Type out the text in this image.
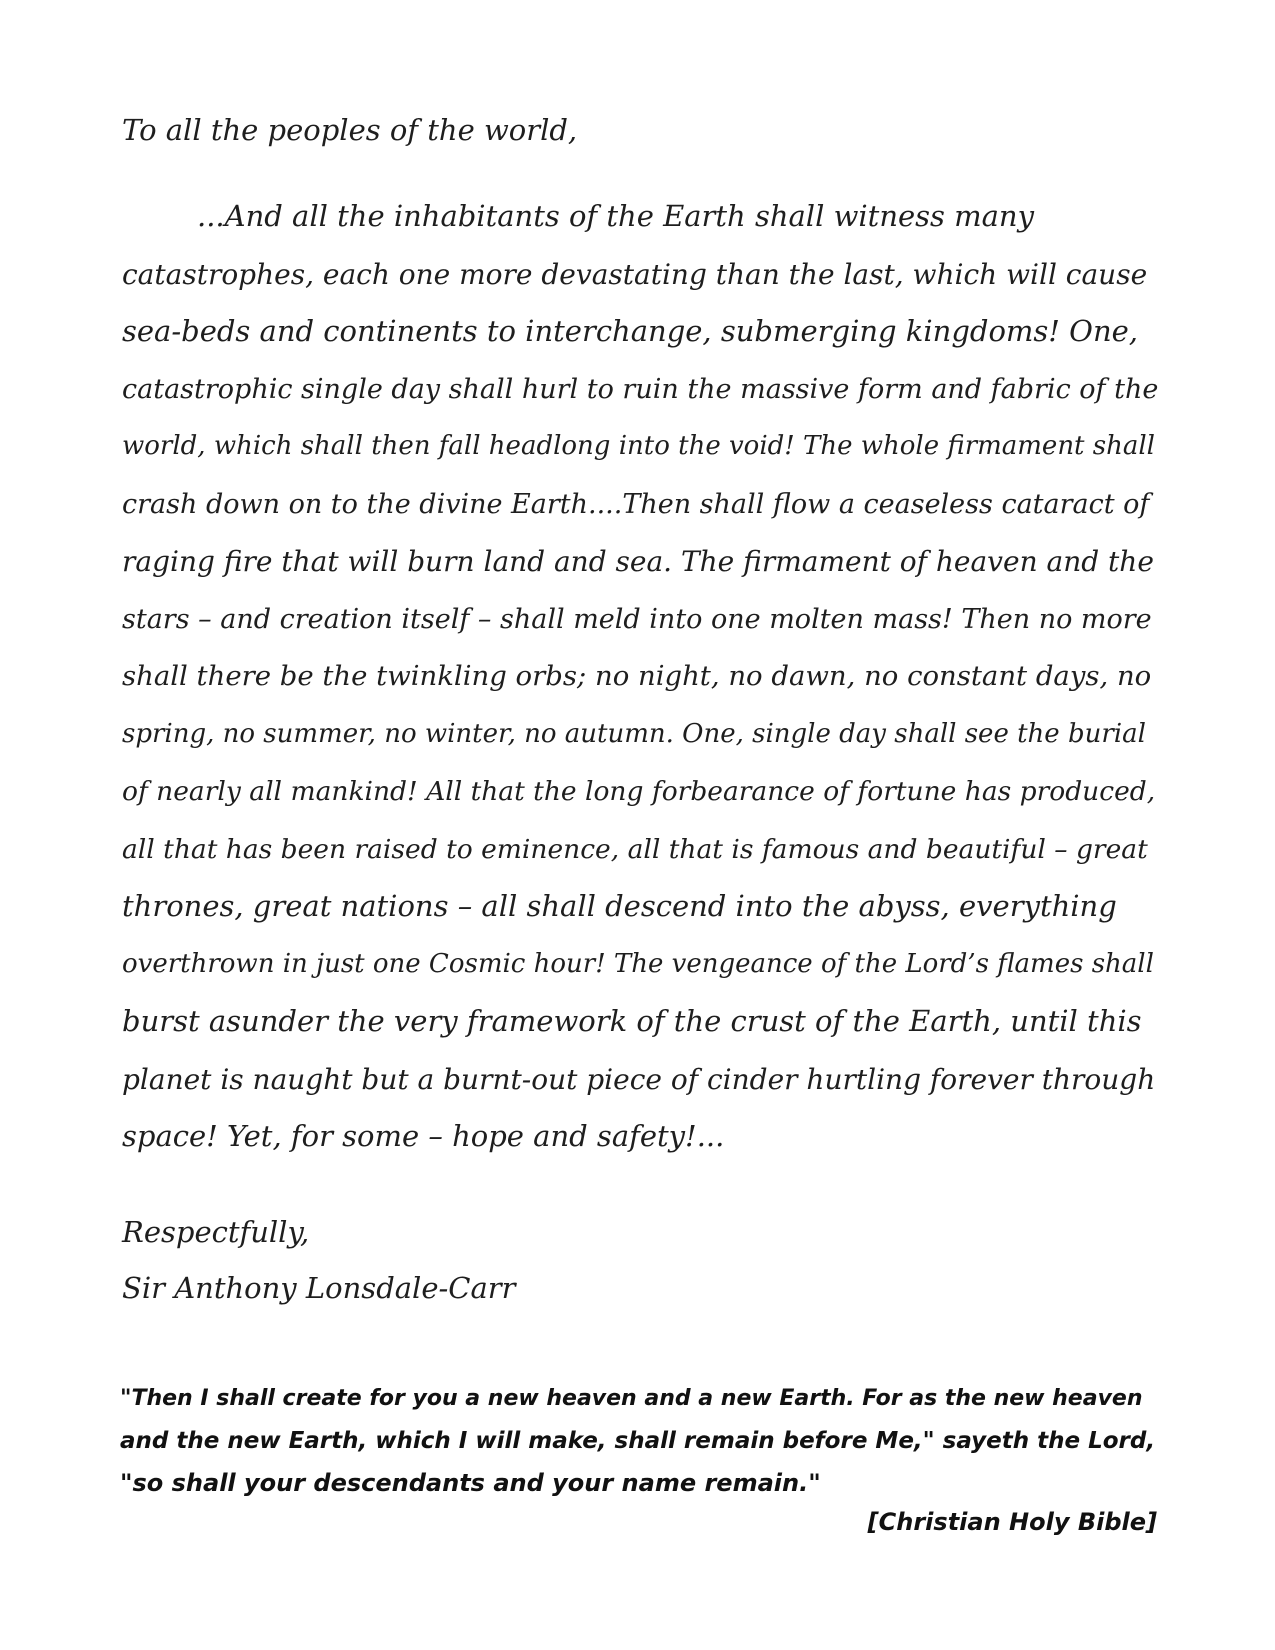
To all the peoples of the world,

...And all the inhabitants of the Earth shall witness many
catastrophes, each one more devastating than the last, which will cause
sea-beds and continents to interchange, submerging kingdoms! One,
catastrophic single day shall hurl to ruin the massive form and fabric of the
world, which shall then fall headlong into the void! The whole firmament shall
crash down on to the divine Earth....Then shall flow a ceaseless cataract of
raging fire that will burn land and sea. The firmament of heaven and the
stars – and creation itself – shall meld into one molten mass! Then no more
shall there be the twinkling orbs; no night, no dawn, no constant days, no
spring, no summer, no winter, no autumn. One, single day shall see the burial
of nearly all mankind! All that the long forbearance of fortune has produced,
all that has been raised to eminence, all that is famous and beautiful – great
thrones, great nations – all shall descend into the abyss, everything
overthrown in just one Cosmic hour! The vengeance of the Lord’s flames shall
burst asunder the very framework of the crust of the Earth, until this
planet is naught but a burnt-out piece of cinder hurtling forever through
space! Yet, for some – hope and safety!...

Respectfully,
Sir Anthony Lonsdale-Carr

"Then I shall create for you a new heaven and a new Earth. For as the new heaven
and the new Earth, which I will make, shall remain before Me," sayeth the Lord,
"so shall your descendants and your name remain."
[Christian Holy Bible]
